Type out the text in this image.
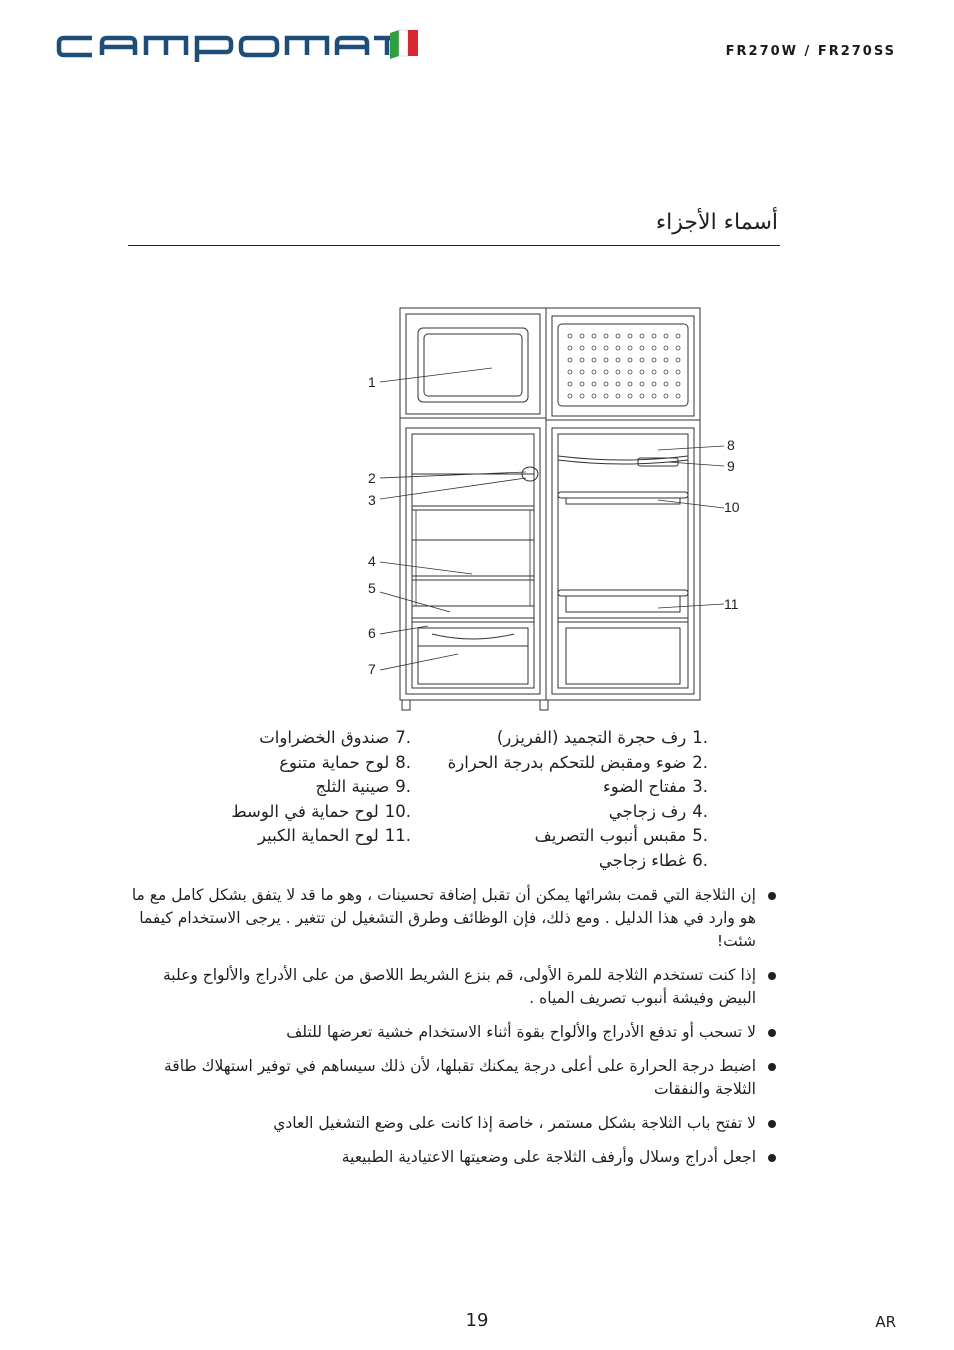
FR270W / FR270SS
أسماء الأجزاء
1
2
3
4
5
6
7
8
9
10
11
.1رف حجرة التجميد (الفريزر)
.2ضوء ومقبض للتحكم بدرجة الحرارة
.3مفتاح الضوء
.4رف زجاجي
.5مقبس أنبوب التصريف
.6غطاء زجاجي
.7صندوق الخضراوات
.8لوح حماية متنوع
.9صينية الثلج
.10لوح حماية في الوسط
.11لوح الحماية الكبير
إن الثلاجة التي قمت بشرائها يمكن أن تقبل إضافة تحسينات ، وهو ما قد لا يتفق بشكل كامل مع ما هو وارد في هذا الدليل . ومع ذلك، فإن الوظائف وطرق التشغيل لن تتغير . يرجى الاستخدام كيفما شئت!
إذا كنت تستخدم الثلاجة للمرة الأولى، قم بنزع الشريط اللاصق من على الأدراج والألواح وعلبة البيض وفيشة أنبوب تصريف المياه .
لا تسحب أو تدفع الأدراج والألواح بقوة أثناء الاستخدام خشية تعرضها للتلف
اضبط درجة الحرارة على أعلى درجة يمكنك تقبلها، لأن ذلك سيساهم في توفير استهلاك طاقة الثلاجة والنفقات
لا تفتح باب الثلاجة بشكل مستمر ، خاصة إذا كانت على وضع التشغيل العادي
اجعل أدراج وسلال وأرفف الثلاجة على وضعيتها الاعتيادية الطبيعية
19	AR
